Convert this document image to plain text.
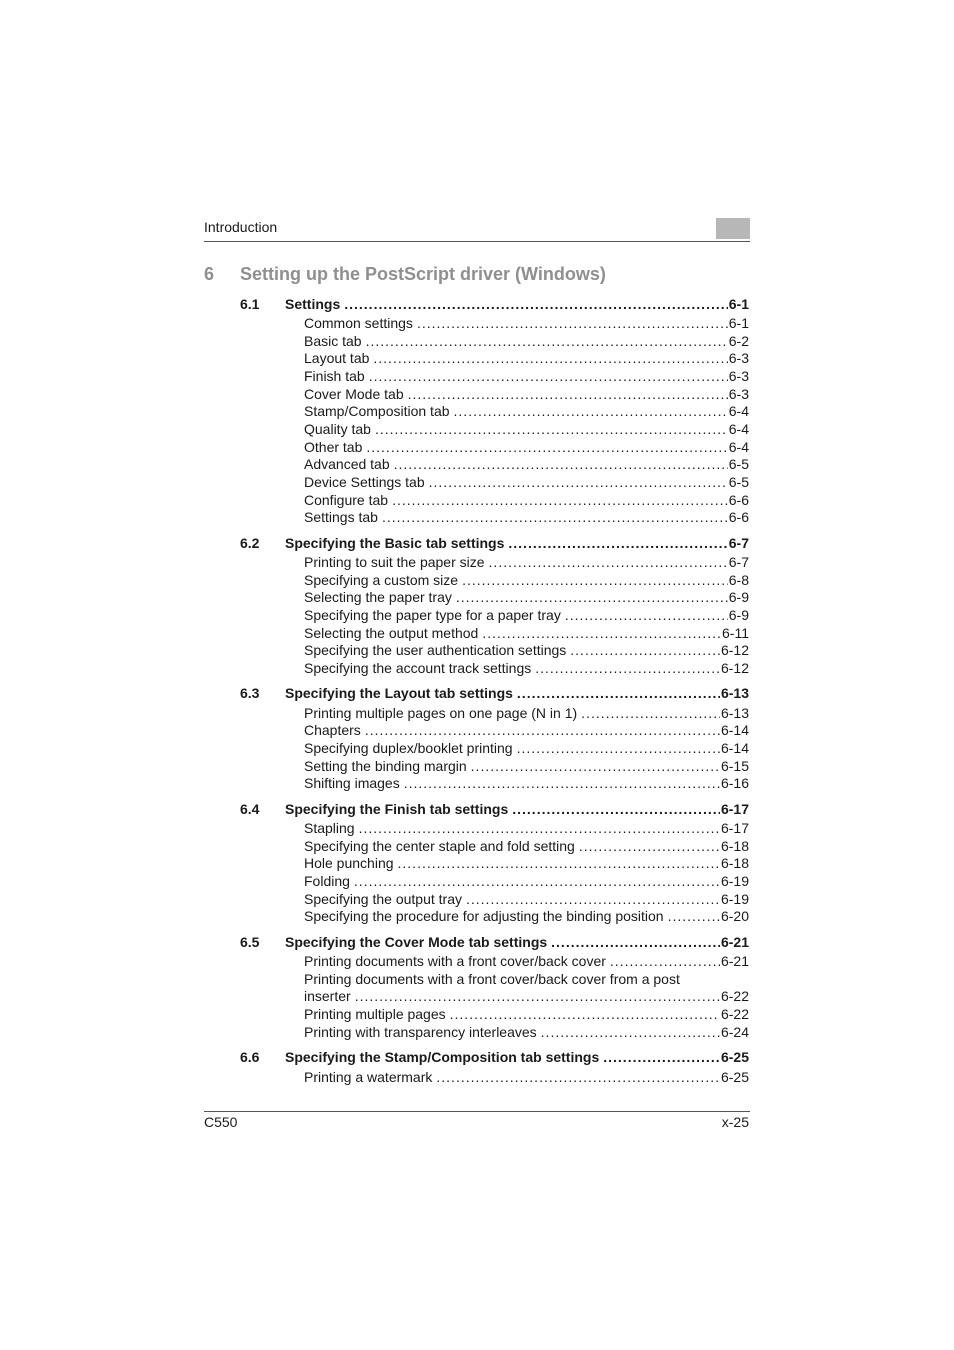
Introduction
6 Setting up the PostScript driver (Windows)
6.1 Settings .....	6-1
Common settings .....	6-1
Basic tab .....	6-2
Layout tab .....	6-3
Finish tab .....	6-3
Cover Mode tab .....	6-3
Stamp/Composition tab .....	6-4
Quality tab .....	6-4
Other tab .....	6-4
Advanced tab .....	6-5
Device Settings tab .....	6-5
Configure tab .....	6-6
Settings tab .....	6-6
6.2 Specifying the Basic tab settings .....	6-7
Printing to suit the paper size .....	6-7
Specifying a custom size .....	6-8
Selecting the paper tray .....	6-9
Specifying the paper type for a paper tray .....	6-9
Selecting the output method .....	6-11
Specifying the user authentication settings .....	6-12
Specifying the account track settings .....	6-12
6.3 Specifying the Layout tab settings .....	6-13
Printing multiple pages on one page (N in 1) .....	6-13
Chapters .....	6-14
Specifying duplex/booklet printing .....	6-14
Setting the binding margin .....	6-15
Shifting images .....	6-16
6.4 Specifying the Finish tab settings .....	6-17
Stapling .....	6-17
Specifying the center staple and fold setting .....	6-18
Hole punching .....	6-18
Folding .....	6-19
Specifying the output tray .....	6-19
Specifying the procedure for adjusting the binding position .....	6-20
6.5 Specifying the Cover Mode tab settings .....	6-21
Printing documents with a front cover/back cover .....	6-21
Printing documents with a front cover/back cover from a post
inserter .....	6-22
Printing multiple pages .....	6-22
Printing with transparency interleaves .....	6-24
6.6 Specifying the Stamp/Composition tab settings .....	6-25
Printing a watermark .....	6-25
C550	x-25
